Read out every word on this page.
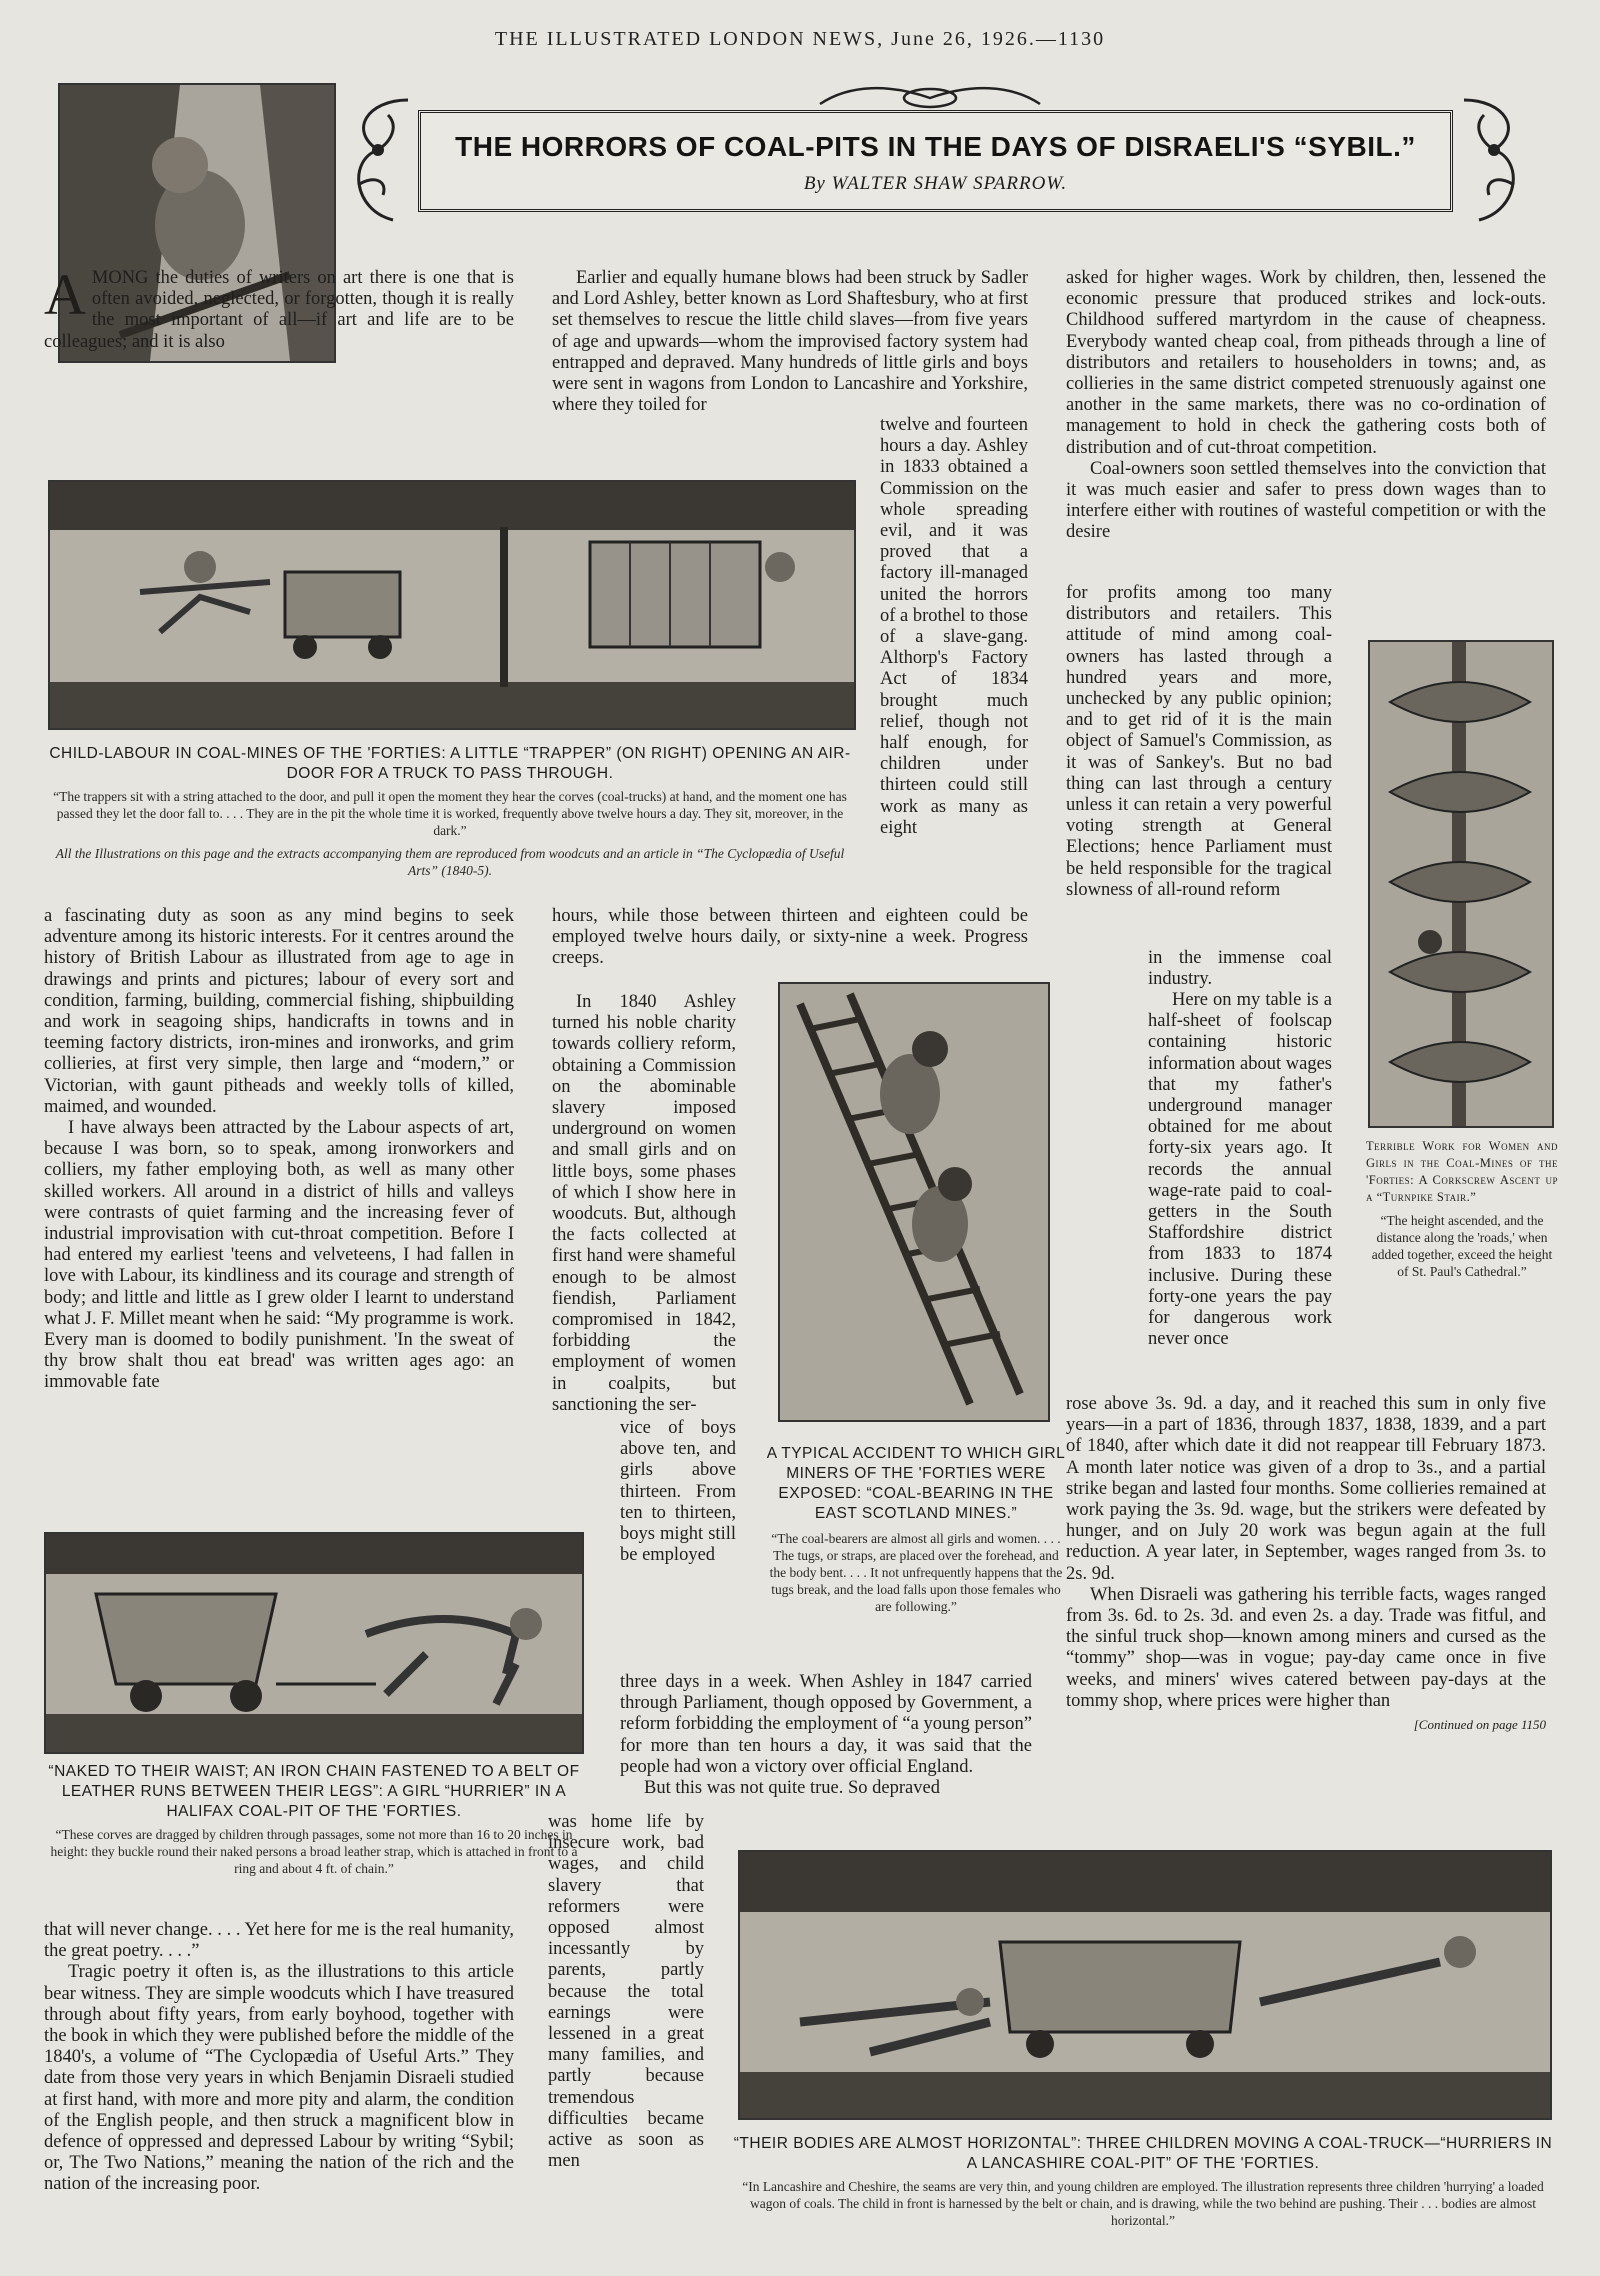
THE ILLUSTRATED LONDON NEWS, June 26, 1926.—1130
THE HORRORS OF COAL-PITS IN THE DAYS OF DISRAELI'S “SYBIL.”
By WALTER SHAW SPARROW.

AMONG the duties of writers on art there is one that is often avoided, neglected, or forgotten, though it is really the most important of all—if art and life are to be colleagues; and it is also

Earlier and equally humane blows had been struck by Sadler and Lord Ashley, better known as Lord Shaftesbury, who at first set themselves to rescue the little child slaves—from five years of age and upwards—whom the improvised factory system had entrapped and depraved. Many hundreds of little girls and boys were sent in wagons from London to Lancashire and Yorkshire, where they toiled for

asked for higher wages. Work by children, then, lessened the economic pressure that produced strikes and lock-outs. Childhood suffered martyrdom in the cause of cheapness. Everybody wanted cheap coal, from pitheads through a line of distributors and retailers to householders in towns; and, as collieries in the same district competed strenuously against one another in the same markets, there was no co-ordination of management to hold in check the gathering costs both of distribution and of cut-throat competition.

Coal-owners soon settled themselves into the conviction that it was much easier and safer to press down wages than to interfere either with routines of wasteful competition or with the desire

CHILD-LABOUR IN COAL-MINES OF THE 'FORTIES: A LITTLE “TRAPPER” (ON RIGHT) OPENING AN AIR-DOOR FOR A TRUCK TO PASS THROUGH.
“The trappers sit with a string attached to the door, and pull it open the moment they hear the corves (coal-trucks) at hand, and the moment one has passed they let the door fall to. . . . They are in the pit the whole time it is worked, frequently above twelve hours a day. They sit, moreover, in the dark.”
All the Illustrations on this page and the extracts accompanying them are reproduced from woodcuts and an article in “The Cyclopædia of Useful Arts” (1840-5).

twelve and fourteen hours a day. Ashley in 1833 obtained a Commission on the whole spreading evil, and it was proved that a factory ill-managed united the horrors of a brothel to those of a slave-gang. Althorp's Factory Act of 1834 brought much relief, though not half enough, for children under thirteen could still work as many as eight

for profits among too many distributors and retailers. This attitude of mind among coal-owners has lasted through a hundred years and more, unchecked by any public opinion; and to get rid of it is the main object of Samuel's Commission, as it was of Sankey's. But no bad thing can last through a century unless it can retain a very powerful voting strength at General Elections; hence Parliament must be held responsible for the tragical slowness of all-round reform

Terrible Work for Women and Girls in the Coal-Mines of the 'Forties: A Corkscrew Ascent up a “Turnpike Stair.”
“The height ascended, and the distance along the 'roads,' when added together, exceed the height of St. Paul's Cathedral.”

in the immense coal industry.

Here on my table is a half-sheet of foolscap containing historic information about wages that my father's underground manager obtained for me about forty-six years ago. It records the annual wage-rate paid to coal-getters in the South Staffordshire district from 1833 to 1874 inclusive. During these forty-one years the pay for dangerous work never once

rose above 3s. 9d. a day, and it reached this sum in only five years—in a part of 1836, through 1837, 1838, 1839, and a part of 1840, after which date it did not reappear till February 1873. A month later notice was given of a drop to 3s., and a partial strike began and lasted four months. Some collieries remained at work paying the 3s. 9d. wage, but the strikers were defeated by hunger, and on July 20 work was begun again at the full reduction. A year later, in September, wages ranged from 3s. to 2s. 9d.

When Disraeli was gathering his terrible facts, wages ranged from 3s. 6d. to 2s. 3d. and even 2s. a day. Trade was fitful, and the sinful truck shop—known among miners and cursed as the “tommy” shop—was in vogue; pay-day came once in five weeks, and miners' wives catered between pay-days at the tommy shop, where prices were higher than

[Continued on page 1150

a fascinating duty as soon as any mind begins to seek adventure among its historic interests. For it centres around the history of British Labour as illustrated from age to age in drawings and prints and pictures; labour of every sort and condition, farming, building, commercial fishing, shipbuilding and work in seagoing ships, handicrafts in towns and in teeming factory districts, iron-mines and ironworks, and grim collieries, at first very simple, then large and “modern,” or Victorian, with gaunt pitheads and weekly tolls of killed, maimed, and wounded.

I have always been attracted by the Labour aspects of art, because I was born, so to speak, among ironworkers and colliers, my father employing both, as well as many other skilled workers. All around in a district of hills and valleys were contrasts of quiet farming and the increasing fever of industrial improvisation with cut-throat competition. Before I had entered my earliest 'teens and velveteens, I had fallen in love with Labour, its kindliness and its courage and strength of body; and little and little as I grew older I learnt to understand what J. F. Millet meant when he said: “My programme is work. Every man is doomed to bodily punishment. 'In the sweat of thy brow shalt thou eat bread' was written ages ago: an immovable fate

hours, while those between thirteen and eighteen could be employed twelve hours daily, or sixty-nine a week. Progress creeps.

In 1840 Ashley turned his noble charity towards colliery reform, obtaining a Commission on the abominable slavery imposed underground on women and small girls and on little boys, some phases of which I show here in woodcuts. But, although the facts collected at first hand were shameful enough to be almost fiendish, Parliament compromised in 1842, forbidding the employment of women in coalpits, but sanctioning the ser-

A TYPICAL ACCIDENT TO WHICH GIRL MINERS OF THE 'FORTIES WERE EXPOSED: “COAL-BEARING IN THE EAST SCOTLAND MINES.”
“The coal-bearers are almost all girls and women. . . . The tugs, or straps, are placed over the forehead, and the body bent. . . . It not unfrequently happens that the tugs break, and the load falls upon those females who are following.”

vice of boys above ten, and girls above thirteen. From ten to thirteen, boys might still be employed

three days in a week. When Ashley in 1847 carried through Parliament, though opposed by Government, a reform forbidding the employment of “a young person” for more than ten hours a day, it was said that the people had won a victory over official England.

But this was not quite true. So depraved

“NAKED TO THEIR WAIST; AN IRON CHAIN FASTENED TO A BELT OF LEATHER RUNS BETWEEN THEIR LEGS”: A GIRL “HURRIER” IN A HALIFAX COAL-PIT OF THE 'FORTIES.
“These corves are dragged by children through passages, some not more than 16 to 20 inches in height: they buckle round their naked persons a broad leather strap, which is attached in front to a ring and about 4 ft. of chain.”

that will never change. . . . Yet here for me is the real humanity, the great poetry. . . .”

Tragic poetry it often is, as the illustrations to this article bear witness. They are simple woodcuts which I have treasured through about fifty years, from early boyhood, together with the book in which they were published before the middle of the 1840's, a volume of “The Cyclopædia of Useful Arts.” They date from those very years in which Benjamin Disraeli studied at first hand, with more and more pity and alarm, the condition of the English people, and then struck a magnificent blow in defence of oppressed and depressed Labour by writing “Sybil; or, The Two Nations,” meaning the nation of the rich and the nation of the increasing poor.

was home life by insecure work, bad wages, and child slavery that reformers were opposed almost incessantly by parents, partly because the total earnings were lessened in a great many families, and partly because tremendous difficulties became active as soon as men

“THEIR BODIES ARE ALMOST HORIZONTAL”: THREE CHILDREN MOVING A COAL-TRUCK—“HURRIERS IN A LANCASHIRE COAL-PIT” OF THE 'FORTIES.
“In Lancashire and Cheshire, the seams are very thin, and young children are employed. The illustration represents three children 'hurrying' a loaded wagon of coals. The child in front is harnessed by the belt or chain, and is drawing, while the two behind are pushing. Their . . . bodies are almost horizontal.”
